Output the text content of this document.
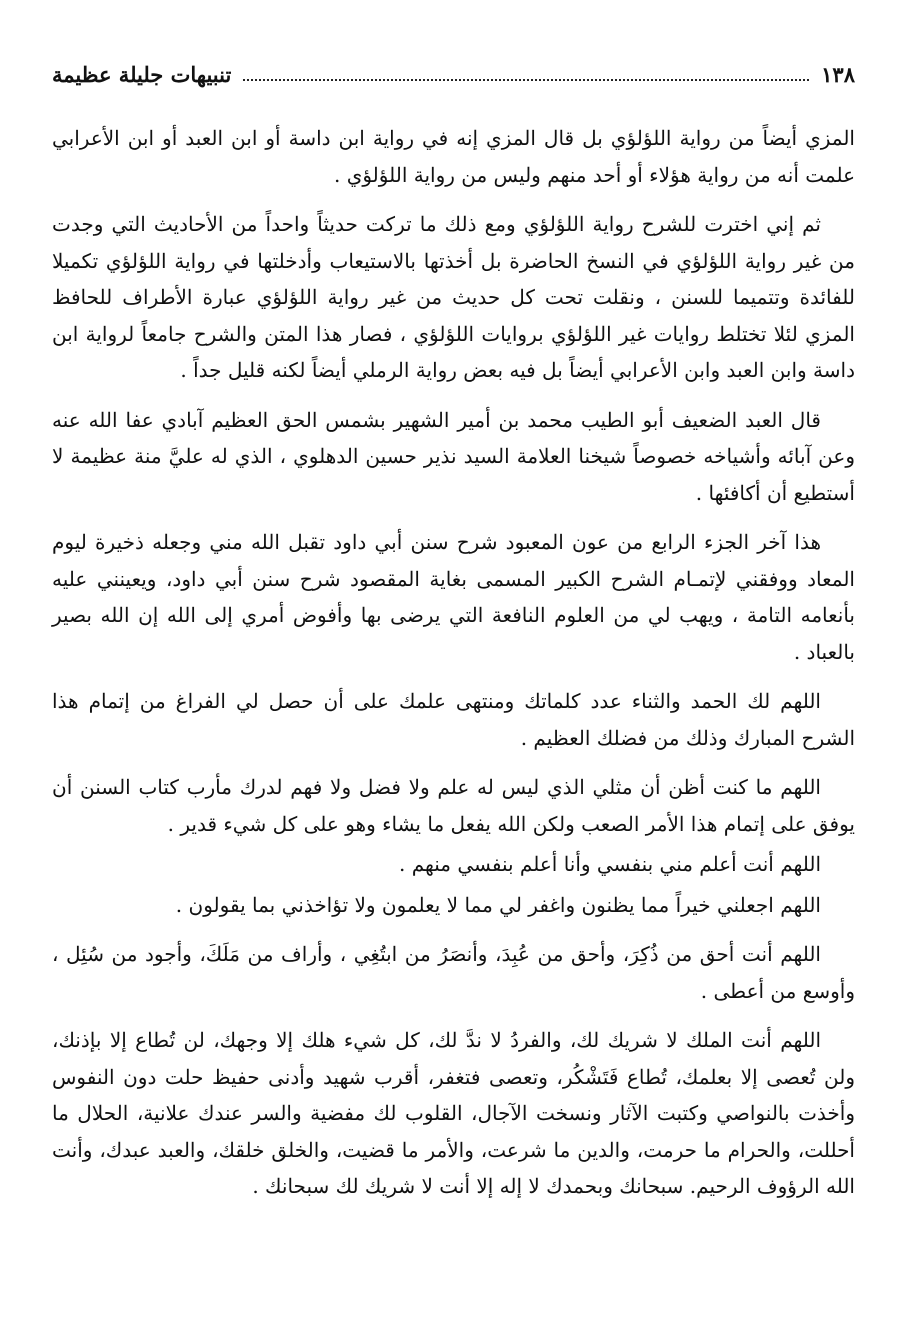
١٣٨
تنبيهات جليلة عظيمة

المزي أيضاً من رواية اللؤلؤي بل قال المزي إنه في رواية ابن داسة أو ابن العبد أو ابن الأعرابي علمت أنه من رواية هؤلاء أو أحد منهم وليس من رواية اللؤلؤي .

ثم إني اخترت للشرح رواية اللؤلؤي ومع ذلك ما تركت حديثاً واحداً من الأحاديث التي وجدت من غير رواية اللؤلؤي في النسخ الحاضرة بل أخذتها بالاستيعاب وأدخلتها في رواية اللؤلؤي تكميلا للفائدة وتتميما للسنن ، ونقلت تحت كل حديث من غير رواية اللؤلؤي عبارة الأطراف للحافظ المزي لئلا تختلط روايات غير اللؤلؤي بروايات اللؤلؤي ، فصار هذا المتن والشرح جامعاً لرواية ابن داسة وابن العبد وابن الأعرابي أيضاً بل فيه بعض رواية الرملي أيضاً لكنه قليل جداً .

قال العبد الضعيف أبو الطيب محمد بن أمير الشهير بشمس الحق العظيم آبادي عفا الله عنه وعن آبائه وأشياخه خصوصاً شيخنا العلامة السيد نذير حسين الدهلوي ، الذي له عليَّ منة عظيمة لا أستطيع أن أكافئها .

هذا آخر الجزء الرابع من عون المعبود شرح سنن أبي داود تقبل الله مني وجعله ذخيرة ليوم المعاد ووفقني لإتمـام الشرح الكبير المسمى بغاية المقصود شرح سنن أبي داود، ويعينني عليه بأنعامه التامة ، ويهب لي من العلوم النافعة التي يرضى بها وأفوض أمري إلى الله إن الله بصير بالعباد .

اللهم لك الحمد والثناء عدد كلماتك ومنتهى علمك على أن حصل لي الفراغ من إتمام هذا الشرح المبارك وذلك من فضلك العظيم .

اللهم ما كنت أظن أن مثلي الذي ليس له علم ولا فضل ولا فهم لدرك مأرب كتاب السنن أن يوفق على إتمام هذا الأمر الصعب ولكن الله يفعل ما يشاء وهو على كل شيء قدير .

اللهم أنت أعلم مني بنفسي وأنا أعلم بنفسي منهم .

اللهم اجعلني خيراً مما يظنون واغفر لي مما لا يعلمون ولا تؤاخذني بما يقولون .

اللهم أنت أحق من ذُكِرَ، وأحق من عُبِدَ، وأنصَرُ من ابتُغِي ، وأراف من مَلَكَ، وأجود من سُئِل ، وأوسع من أعطى .

اللهم أنت الملك لا شريك لك، والفردُ لا ندَّ لك، كل شيء هلك إلا وجهك، لن تُطاع إلا بإذنك، ولن تُعصى إلا بعلمك، تُطاع فَتَشْكُر، وتعصى فتغفر، أقرب شهيد وأدنى حفيظ حلت دون النفوس وأخذت بالنواصي وكتبت الآثار ونسخت الآجال، القلوب لك مفضية والسر عندك علانية، الحلال ما أحللت، والحرام ما حرمت، والدين ما شرعت، والأمر ما قضيت، والخلق خلقك، والعبد عبدك، وأنت الله الرؤوف الرحيم. سبحانك وبحمدك لا إله إلا أنت لا شريك لك سبحانك .
